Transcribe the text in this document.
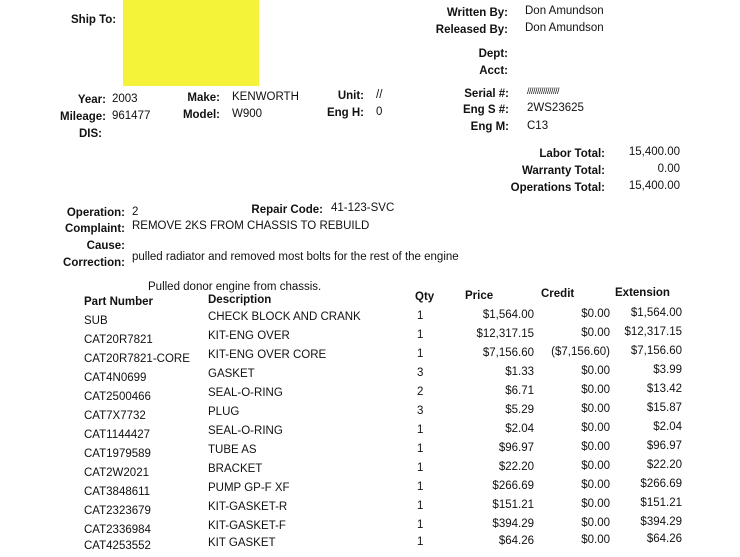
Ship To:
Written By: Don Amundson
Released By: Don Amundson
Dept:
Acct:
Year: 2003
Mileage: 961477
DIS:
Make: KENWORTH
Model: W900
Unit: //
Eng H: 0
Serial #: ////////////////
Eng S #: 2WS23625
Eng M: C13
Labor Total:	15,400.00
Warranty Total:	0.00
Operations Total:	15,400.00
Operation: 2	Repair Code: 41-123-SVC
Complaint: REMOVE 2KS FROM CHASSIS TO REBUILD
Cause:
Correction: pulled radiator and removed most bolts for the rest of the engine
Pulled donor engine from chassis.
Part Number	Description	Qty	Price	Credit	Extension
SUB	CHECK BLOCK AND CRANK	1	$1,564.00	$0.00	$1,564.00
CAT20R7821	KIT-ENG OVER	1	$12,317.15	$0.00	$12,317.15
CAT20R7821-CORE KIT-ENG OVER CORE	1	$7,156.60	($7,156.60)	$7,156.60
CAT4N0699	GASKET	3	$1.33	$0.00	$3.99
CAT2500466	SEAL-O-RING	2	$6.71	$0.00	$13.42
CAT7X7732	PLUG	3	$5.29	$0.00	$15.87
CAT1144427	SEAL-O-RING	1	$2.04	$0.00	$2.04
CAT1979589	TUBE AS	1	$96.97	$0.00	$96.97
CAT2W2021	BRACKET	1	$22.20	$0.00	$22.20
CAT3848611	PUMP GP-F XF	1	$266.69	$0.00	$266.69
CAT2323679	KIT-GASKET-R	1	$151.21	$0.00	$151.21
CAT2336984	KIT-GASKET-F	1	$394.29	$0.00	$394.29
CAT4253552	KIT GASKET	1	$64.26	$0.00	$64.26
